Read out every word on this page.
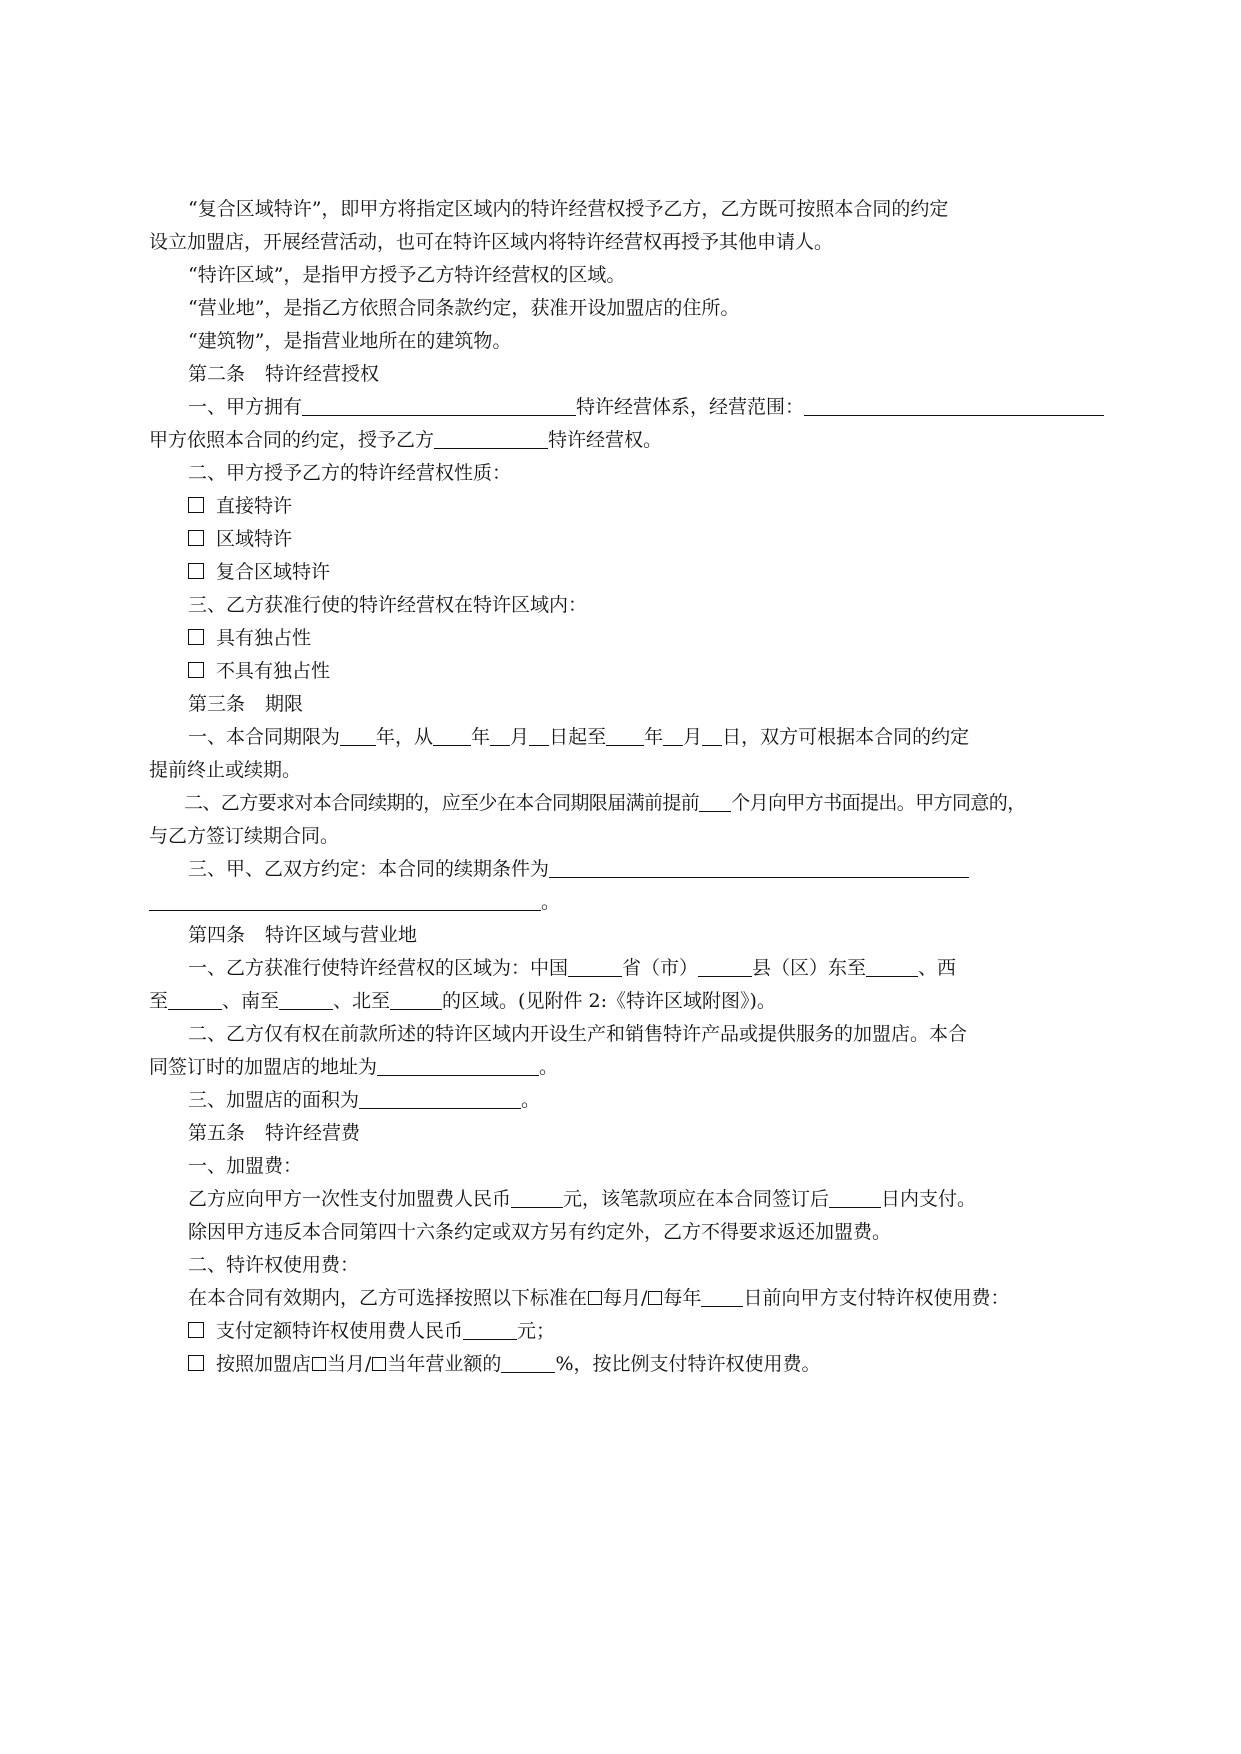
“复合区域特许”，即甲方将指定区域内的特许经营权授予乙方，乙方既可按照本合同的约定
设立加盟店，开展经营活动，也可在特许区域内将特许经营权再授予其他申请人。
“特许区域”，是指甲方授予乙方特许经营权的区域。
“营业地”，是指乙方依照合同条款约定，获准开设加盟店的住所。
“建筑物”，是指营业地所在的建筑物。
第二条 特许经营授权
一、甲方拥有	特许经营体系，经营范围：
甲方依照本合同的约定，授予乙方	特许经营权。
二、甲方授予乙方的特许经营权性质：
直接特许
区域特许
复合区域特许
三、乙方获准行使的特许经营权在特许区域内：
具有独占性
不具有独占性
第三条 期限
一、本合同期限为 年，从 年 月 日起至 年 月 日，双方可根据本合同的约定
提前终止或续期。
二、乙方要求对本合同续期的，应至少在本合同期限届满前提前 个月向甲方书面提出。甲方同意的，
与乙方签订续期合同。
三、甲、乙双方约定：本合同的续期条件为
。
第四条 特许区域与营业地
一、乙方获准行使特许经营权的区域为：中国	省（市）	县（区）东至	、西
至	、南至	、北至	的区域。(见附件 2:《特许区域附图》)。
二、乙方仅有权在前款所述的特许区域内开设生产和销售特许产品或提供服务的加盟店。本合
同签订时的加盟店的地址为	。
三、加盟店的面积为	。
第五条 特许经营费
一、加盟费：
乙方应向甲方一次性支付加盟费人民币	元，该笔款项应在本合同签订后	日内支付。
除因甲方违反本合同第四十六条约定或双方另有约定外，乙方不得要求返还加盟费。
二、特许权使用费：
在本合同有效期内，乙方可选择按照以下标准在 每月/ 每年 日前向甲方支付特许权使用费：
支付定额特许权使用费人民币	元；
按照加盟店 当月/ 当年营业额的	%，按比例支付特许权使用费。
